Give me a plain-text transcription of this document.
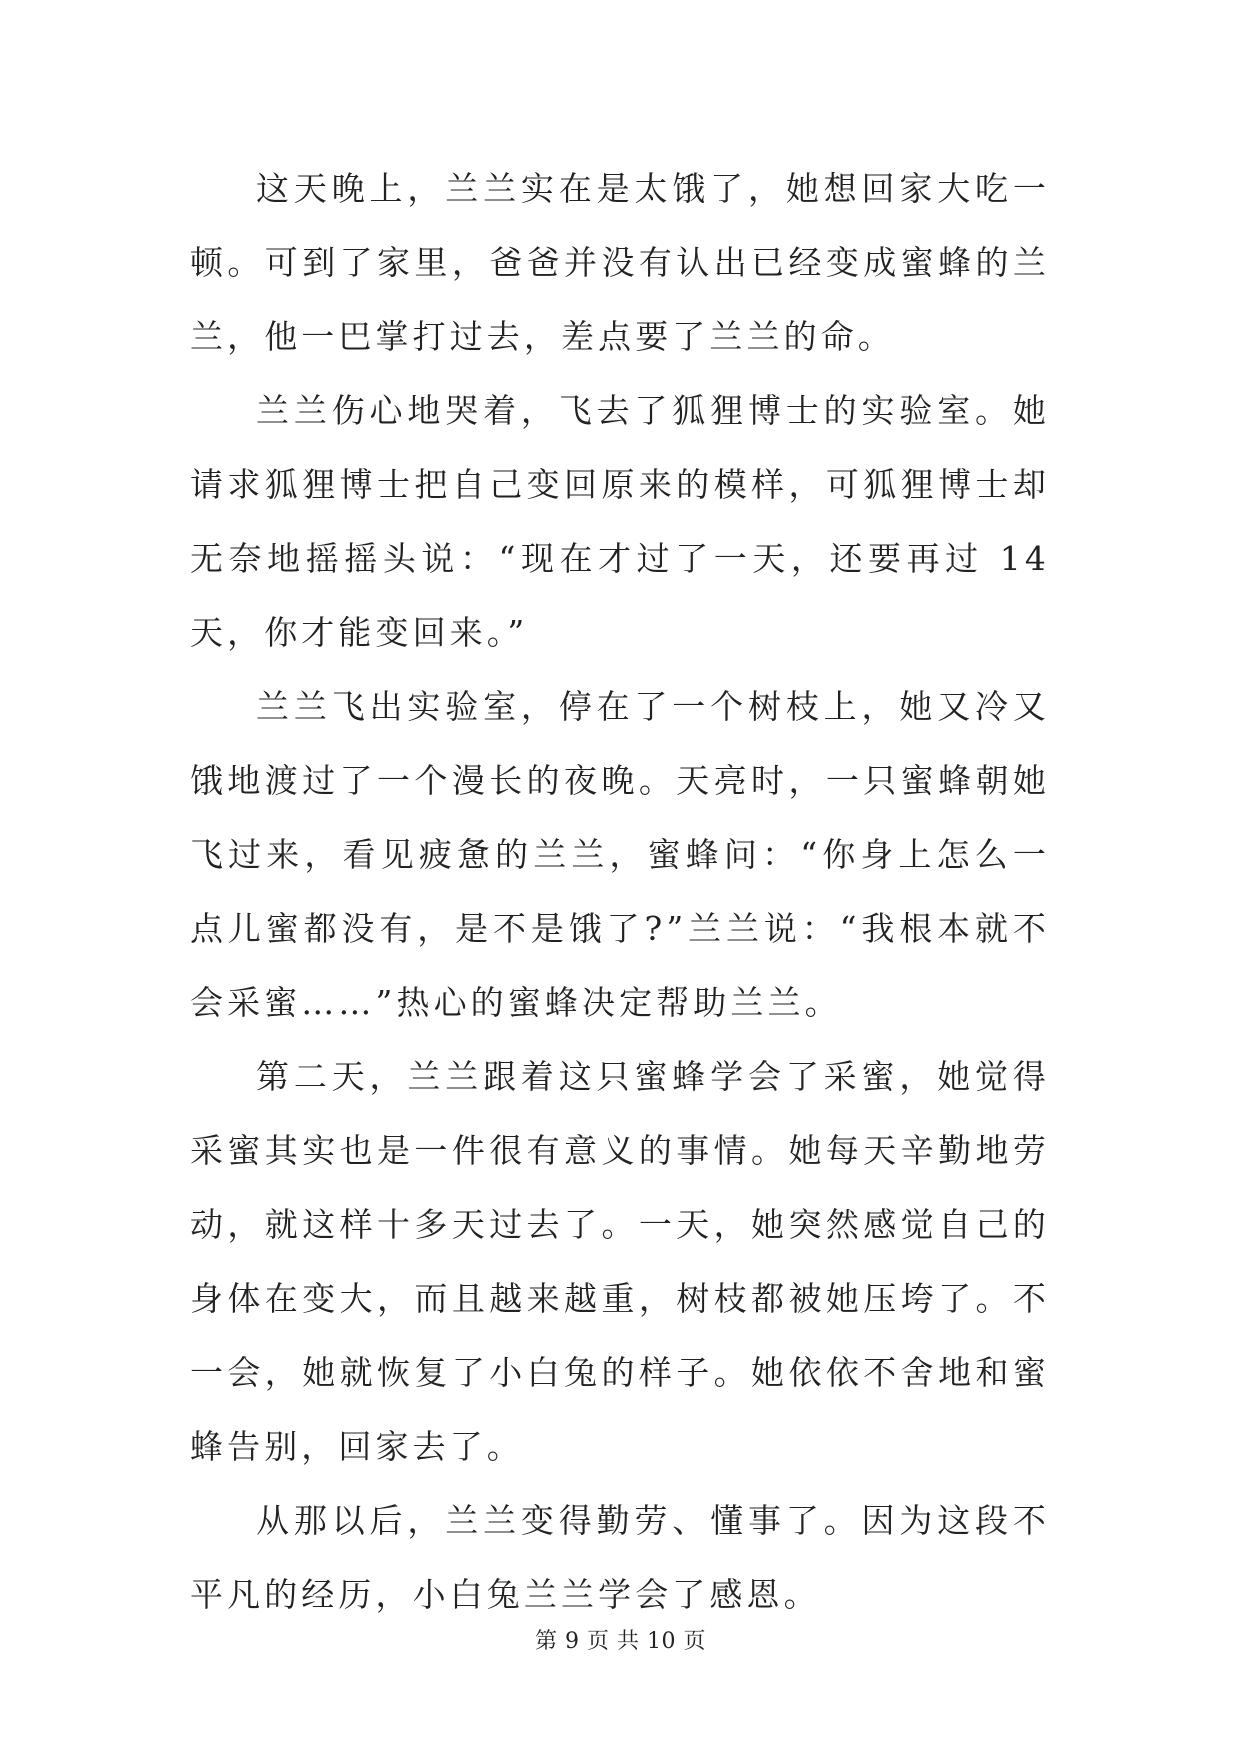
这天晚上，兰兰实在是太饿了，她想回家大吃一顿。可到了家里，爸爸并没有认出已经变成蜜蜂的兰兰，他一巴掌打过去，差点要了兰兰的命。

兰兰伤心地哭着，飞去了狐狸博士的实验室。她请求狐狸博士把自己变回原来的模样，可狐狸博士却无奈地摇摇头说：“现在才过了一天，还要再过 14 天，你才能变回来。”

兰兰飞出实验室，停在了一个树枝上，她又冷又饿地渡过了一个漫长的夜晚。天亮时，一只蜜蜂朝她飞过来，看见疲惫的兰兰，蜜蜂问：“你身上怎么一点儿蜜都没有，是不是饿了?”兰兰说：“我根本就不会采蜜……”热心的蜜蜂决定帮助兰兰。

第二天，兰兰跟着这只蜜蜂学会了采蜜，她觉得采蜜其实也是一件很有意义的事情。她每天辛勤地劳动，就这样十多天过去了。一天，她突然感觉自己的身体在变大，而且越来越重，树枝都被她压垮了。不一会，她就恢复了小白兔的样子。她依依不舍地和蜜蜂告别，回家去了。

从那以后，兰兰变得勤劳、懂事了。因为这段不平凡的经历，小白兔兰兰学会了感恩。

第 9 页 共 10 页
